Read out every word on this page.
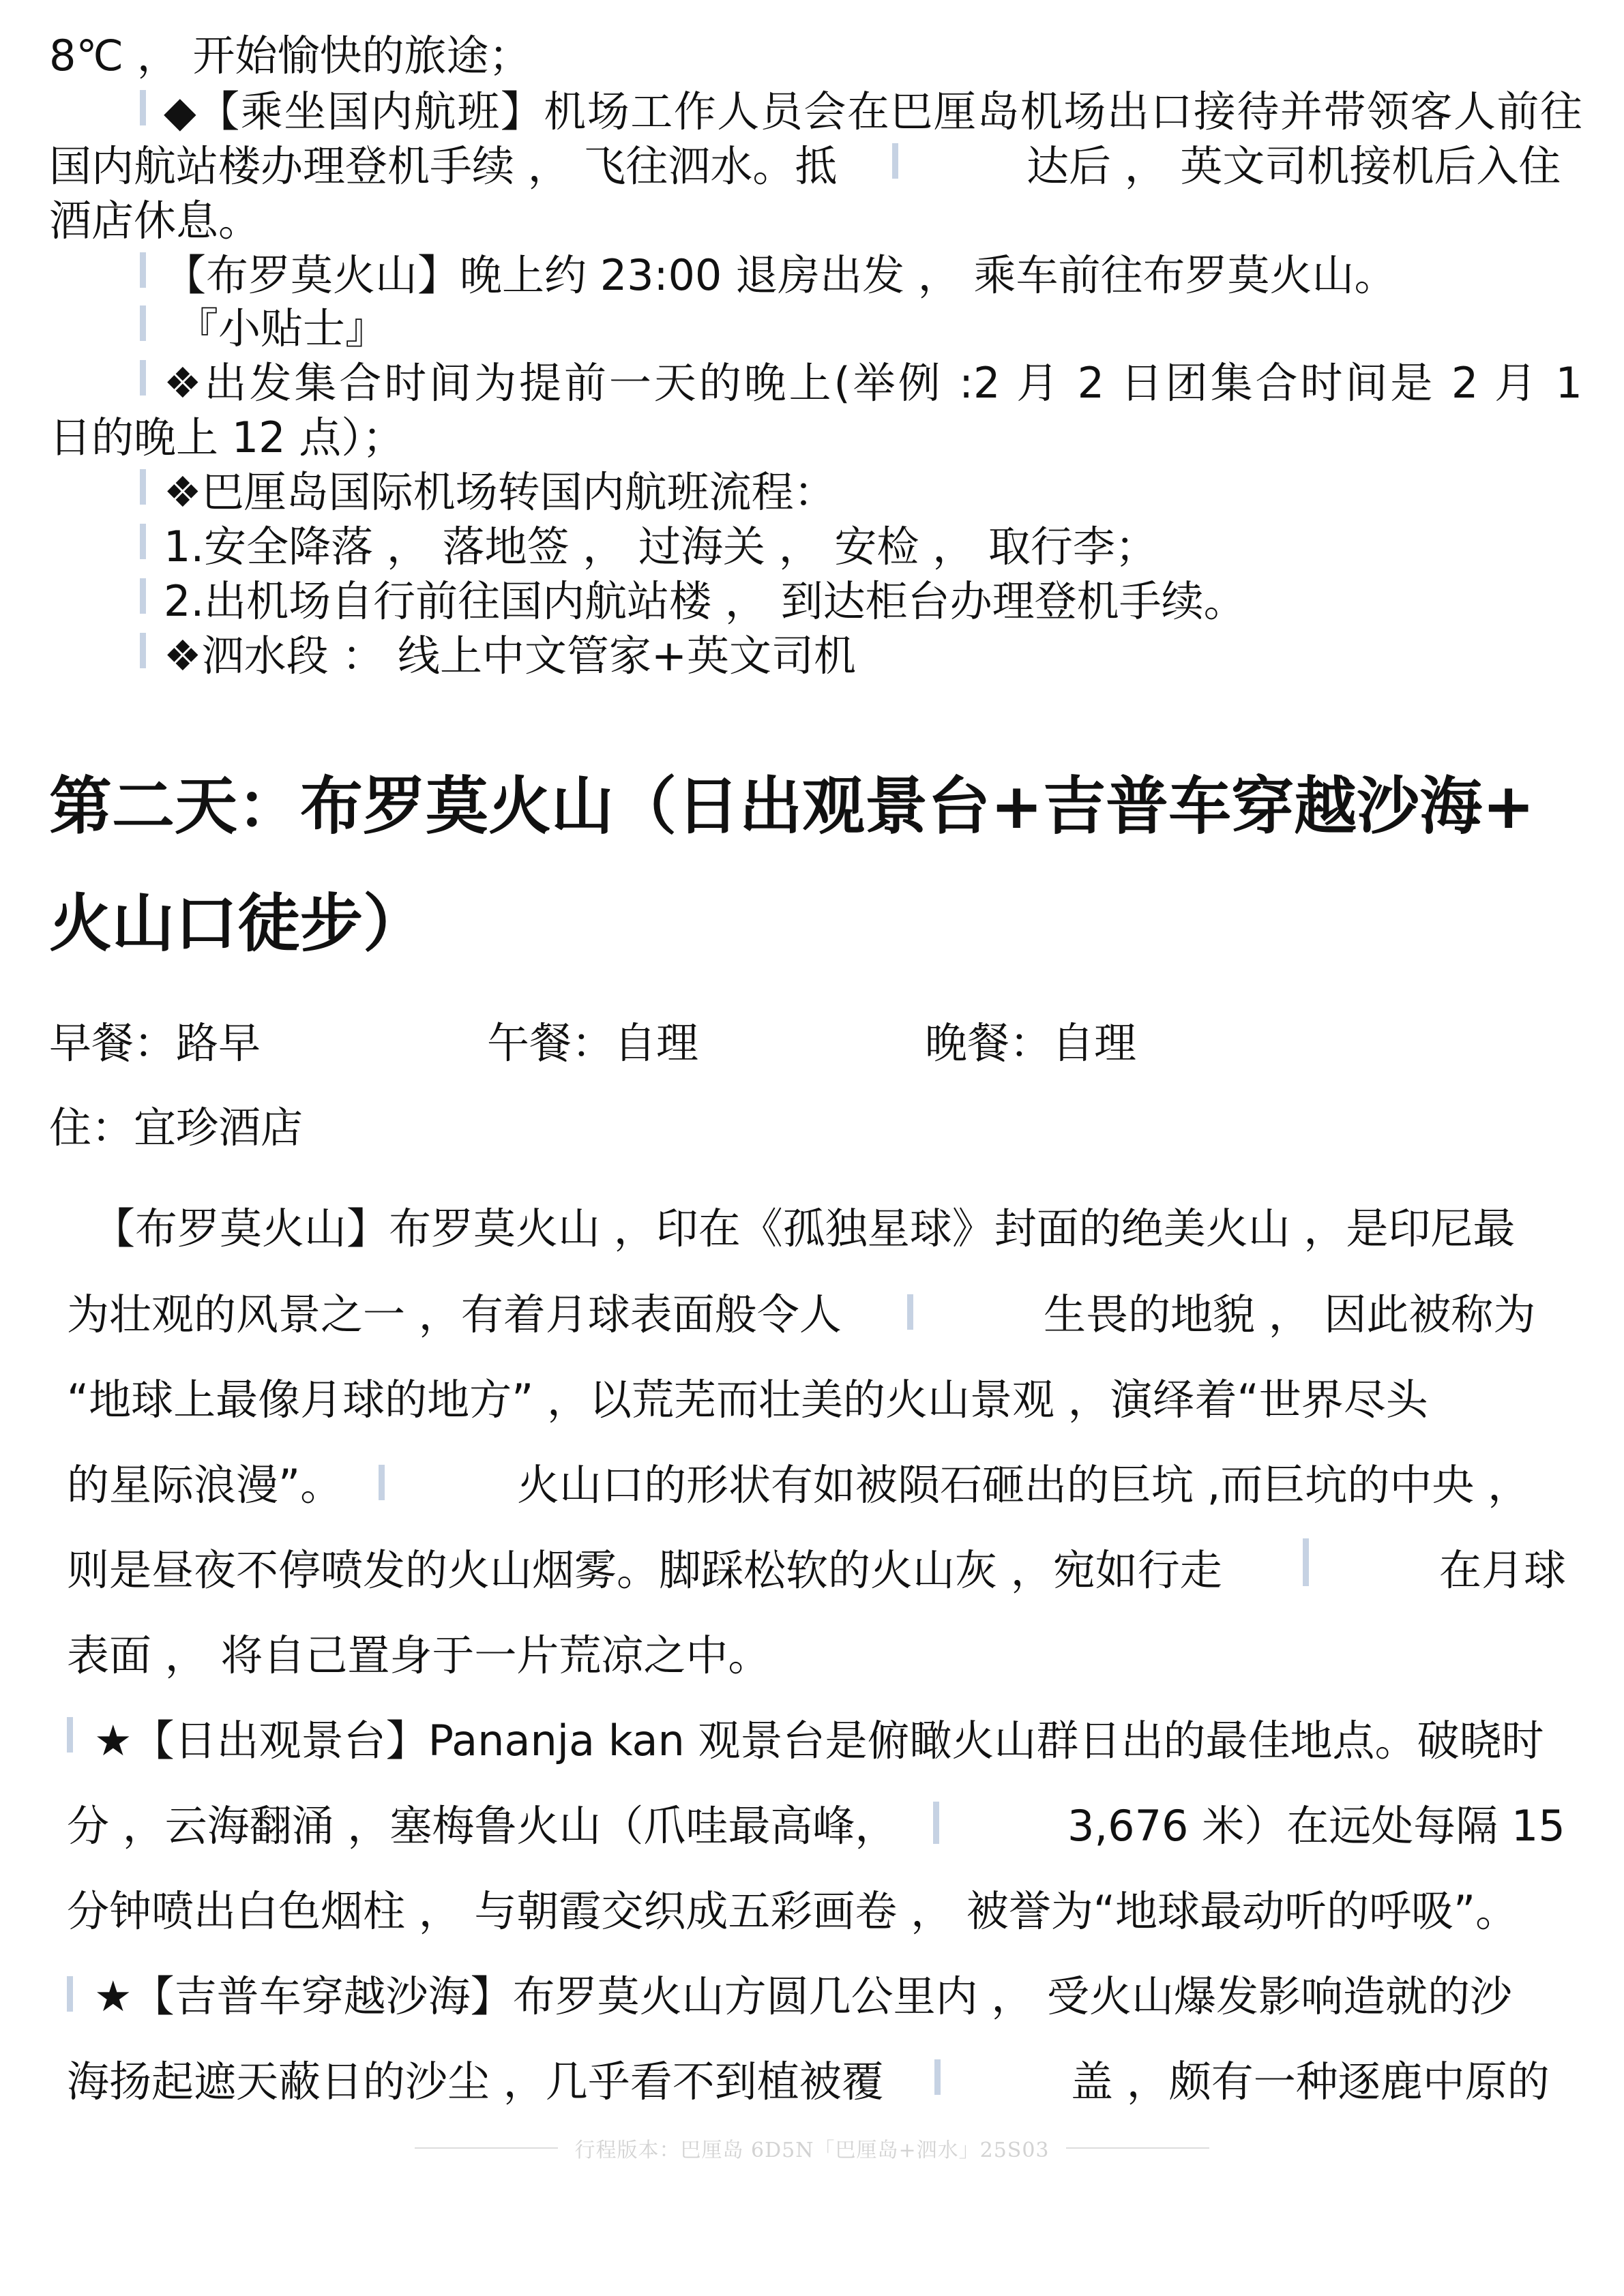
8℃ ， 开始愉快的旅途；
◆【乘坐国内航班】机场工作人员会在巴厘岛机场出口接待并带领客人前往
国内航站楼办理登机手续 ， 飞往泗水。抵	达后 ， 英文司机接机后入住
酒店休息。
【布罗莫火山】晚上约 23:00 退房出发 ， 乘车前往布罗莫火山。
『小贴士』
❖出发集合时间为提前一天的晚上(举例 :2 月 2 日团集合时间是 2 月 1
日的晚上 12 点）；
❖巴厘岛国际机场转国内航班流程：
1.安全降落 ， 落地签 ， 过海关 ， 安检 ， 取行李；
2.出机场自行前往国内航站楼 ， 到达柜台办理登机手续。
❖泗水段 ： 线上中文管家+英文司机
第二天：布罗莫火山（日出观景台+吉普车穿越沙海+
火山口徒步）
早餐：路早	午餐：自理	晚餐：自理
住：宜珍酒店
【布罗莫火山】布罗莫火山 ，印在《孤独星球》封面的绝美火山 ，是印尼最
为壮观的风景之一 ，有着月球表面般令人	生畏的地貌 ， 因此被称为
“地球上最像月球的地方” ，以荒芜而壮美的火山景观 ，演绎着“世界尽头
的星际浪漫”。	火山口的形状有如被陨石砸出的巨坑 ,而巨坑的中央 ，
则是昼夜不停喷发的火山烟雾。脚踩松软的火山灰 ，宛如行走	在月球
表面 ， 将自己置身于一片荒凉之中。
★【日出观景台】Pananja kan 观景台是俯瞰火山群日出的最佳地点。破晓时
分 ，云海翻涌 ，塞梅鲁火山（爪哇最高峰，	3,676 米）在远处每隔 15
分钟喷出白色烟柱 ， 与朝霞交织成五彩画卷 ， 被誉为“地球最动听的呼吸”。
★【吉普车穿越沙海】布罗莫火山方圆几公里内 ， 受火山爆发影响造就的沙
海扬起遮天蔽日的沙尘 ，几乎看不到植被覆	盖 ，颇有一种逐鹿中原的
行程版本：巴厘岛 6D5N「巴厘岛+泗水」25S03
